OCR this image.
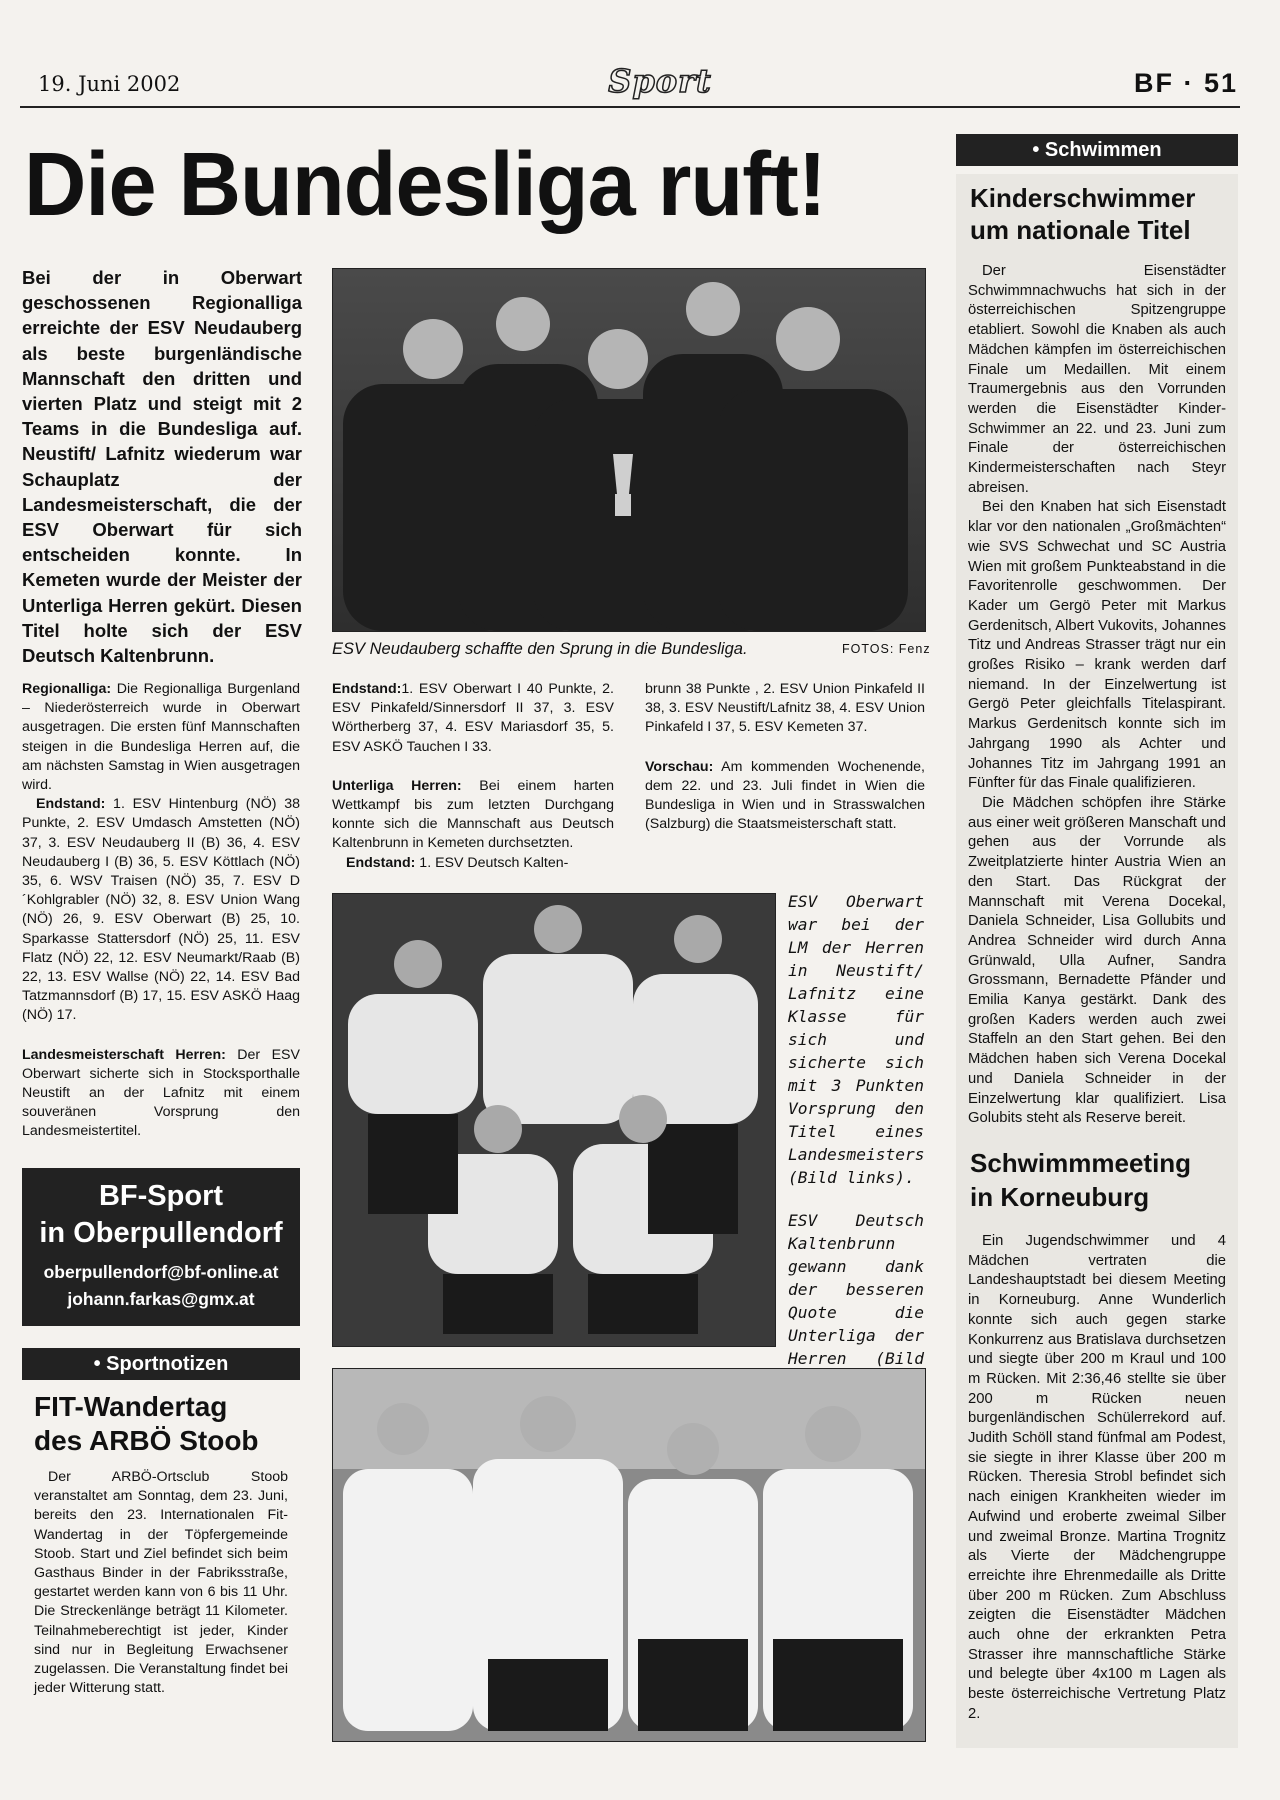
19. Juni 2002	Sport	BF · 51
Die Bundesliga ruft!
Bei der in Oberwart geschossenen Regionalliga erreichte der ESV Neudauberg als beste burgenländische Mannschaft den dritten und vierten Platz und steigt mit 2 Teams in die Bundesliga auf. Neustift/ Lafnitz wiederum war Schauplatz der Landesmeisterschaft, die der ESV Oberwart für sich entscheiden konnte. In Kemeten wurde der Meister der Unterliga Herren gekürt. Diesen Titel holte sich der ESV Deutsch Kaltenbrunn.	ESV Neudauberg schaffte den Sprung in die Bundesliga.	FOTOS: Fenz

Regionalliga: Die Regionalliga Burgenland – Niederösterreich wurde in Oberwart ausgetragen. Die ersten fünf Mannschaften steigen in die Bundesliga Herren auf, die am nächsten Samstag in Wien ausgetragen wird.

Endstand: 1. ESV Hintenburg (NÖ) 38 Punkte, 2. ESV Umdasch Amstetten (NÖ) 37, 3. ESV Neudauberg II (B) 36, 4. ESV Neudauberg I (B) 36, 5. ESV Köttlach (NÖ) 35, 6. WSV Traisen (NÖ) 35, 7. ESV D´Kohlgrabler (NÖ) 32, 8. ESV Union Wang (NÖ) 26, 9. ESV Oberwart (B) 25, 10. Sparkasse Stattersdorf (NÖ) 25, 11. ESV Flatz (NÖ) 22, 12. ESV Neumarkt/Raab (B) 22, 13. ESV Wallse (NÖ) 22, 14. ESV Bad Tatzmannsdorf (B) 17, 15. ESV ASKÖ Haag (NÖ) 17.

Landesmeisterschaft Herren: Der ESV Oberwart sicherte sich in Stocksporthalle Neustift an der Lafnitz mit einem souveränen Vorsprung den Landesmeistertitel.

Endstand:1. ESV Oberwart I 40 Punkte, 2. ESV Pinkafeld/Sinnersdorf II 37, 3. ESV Wörtherberg 37, 4. ESV Mariasdorf 35, 5. ESV ASKÖ Tauchen I 33.

Unterliga Herren: Bei einem harten Wettkampf bis zum letzten Durchgang konnte sich die Mannschaft aus Deutsch Kaltenbrunn in Kemeten durchsetzten.

Endstand: 1. ESV Deutsch Kalten-

brunn 38 Punkte , 2. ESV Union Pinkafeld II 38, 3. ESV Neustift/Lafnitz 38, 4. ESV Union Pinkafeld I 37, 5. ESV Kemeten 37.

Vorschau: Am kommenden Wochenende, dem 22. und 23. Juli findet in Wien die Bundesliga in Wien und in Strasswalchen (Salzburg) die Staatsmeisterschaft statt.

ESV Oberwart war bei der LM der Herren in Neustift/ Lafnitz eine Klasse für sich und sicherte sich mit 3 Punkten Vorsprung den Titel eines Landesmeisters (Bild links).
ESV Deutsch Kaltenbrunn gewann dank der besseren Quote die Unterliga der Herren (Bild
BF-Sport
in Oberpullendorf
oberpullendorf@bf-online.at
johann.farkas@gmx.at
• Sportnotizen
FIT-Wandertag
des ARBÖ Stoob
Der ARBÖ-Ortsclub Stoob veranstaltet am Sonntag, dem 23. Juni, bereits den 23. Internationalen Fit-Wandertag in der Töpfergemeinde Stoob. Start und Ziel befindet sich beim Gasthaus Binder in der Fabriksstraße, gestartet werden kann von 6 bis 11 Uhr. Die Streckenlänge beträgt 11 Kilometer. Teilnahmeberechtigt ist jeder, Kinder sind nur in Begleitung Erwachsener zugelassen. Die Veranstaltung findet bei jeder Witterung statt.
• Schwimmen
Kinderschwimmer
um nationale Titel

Der Eisenstädter Schwimmnachwuchs hat sich in der österreichischen Spitzengruppe etabliert. Sowohl die Knaben als auch Mädchen kämpfen im österreichischen Finale um Medaillen. Mit einem Traumergebnis aus den Vorrunden werden die Eisenstädter Kinder-Schwimmer an 22. und 23. Juni zum Finale der österreichischen Kindermeisterschaften nach Steyr abreisen.

Bei den Knaben hat sich Eisenstadt klar vor den nationalen „Großmächten“ wie SVS Schwechat und SC Austria Wien mit großem Punkteabstand in die Favoritenrolle geschwommen. Der Kader um Gergö Peter mit Markus Gerdenitsch, Albert Vukovits, Johannes Titz und Andreas Strasser trägt nur ein großes Risiko – krank werden darf niemand. In der Einzelwertung ist Gergö Peter gleichfalls Titelaspirant. Markus Gerdenitsch konnte sich im Jahrgang 1990 als Achter und Johannes Titz im Jahrgang 1991 an Fünfter für das Finale qualifizieren.

Die Mädchen schöpfen ihre Stärke aus einer weit größeren Manschaft und gehen aus der Vorrunde als Zweitplatzierte hinter Austria Wien an den Start. Das Rückgrat der Mannschaft mit Verena Docekal, Daniela Schneider, Lisa Gollubits und Andrea Schneider wird durch Anna Grünwald, Ulla Aufner, Sandra Grossmann, Bernadette Pfänder und Emilia Kanya gestärkt. Dank des großen Kaders werden auch zwei Staffeln an den Start gehen. Bei den Mädchen haben sich Verena Docekal und Daniela Schneider in der Einzelwertung klar qualifiziert. Lisa Golubits steht als Reserve bereit.

Schwimmmeeting
in Korneuburg
Ein Jugendschwimmer und 4 Mädchen vertraten die Landeshauptstadt bei diesem Meeting in Korneuburg. Anne Wunderlich konnte sich auch gegen starke Konkurrenz aus Bratislava durchsetzen und siegte über 200 m Kraul und 100 m Rücken. Mit 2:36,46 stellte sie über 200 m Rücken neuen burgenländischen Schülerrekord auf. Judith Schöll stand fünfmal am Podest, sie siegte in ihrer Klasse über 200 m Rücken. Theresia Strobl befindet sich nach einigen Krankheiten wieder im Aufwind und eroberte zweimal Silber und zweimal Bronze. Martina Trognitz als Vierte der Mädchengruppe erreichte ihre Ehrenmedaille als Dritte über 200 m Rücken. Zum Abschluss zeigten die Eisenstädter Mädchen auch ohne der erkrankten Petra Strasser ihre mannschaftliche Stärke und belegte über 4x100 m Lagen als beste österreichische Vertretung Platz 2.
